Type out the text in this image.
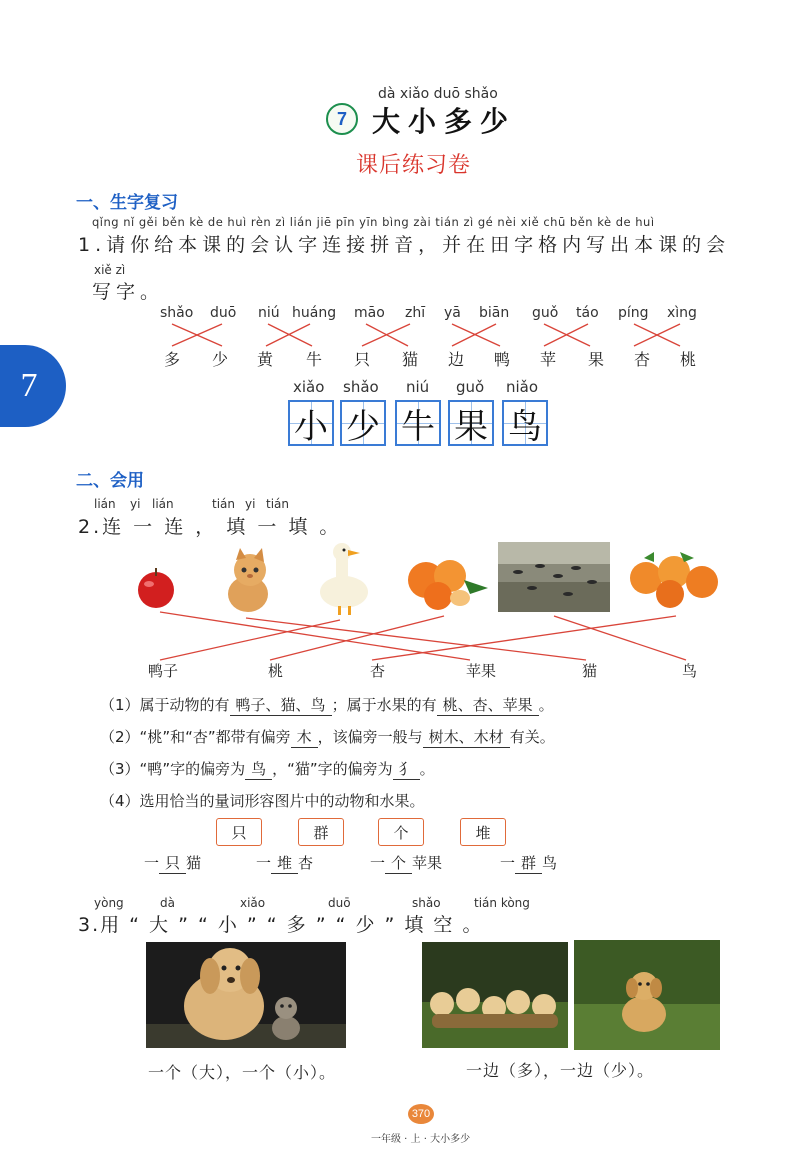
7
dà xiǎo duō shǎo
7 大小多少
课后练习卷
一、生字复习
qǐng nǐ gěi běn kè de huì rèn zì lián jiē pīn yīn bìng zài tián zì gé nèi xiě chū běn kè de huì
1.请你给本课的会认字连接拼音，并在田字格内写出本课的会
xiě zì
写字。
shǎo duō niú huáng māo zhī yā biān guǒ táo píng xìng
多 少 黄 牛 只 猫 边 鸭 苹 果 杏 桃
xiǎo shǎo niú guǒ niǎo
小 少 牛 果 鸟
二、会用
lián yi lián	tián yi tián
2.连 一 连 ， 填 一 填 。
鸭子	桃	杏	苹果	猫	鸟
（1）属于动物的有 鸭子、猫、鸟 ；属于水果的有 桃、杏、苹果 。
（2）“桃”和“杏”都带有偏旁 木 ，该偏旁一般与 树木、木材 有关。
（3）“鸭”字的偏旁为 鸟 ，“猫”字的偏旁为 犭 。
（4）选用恰当的量词形容图片中的动物和水果。
只	群	个	堆
一 只 猫	一 堆 杏	一 个 苹果	一 群 鸟
yòng	dà	xiǎo	duō	shǎo	tián kòng
3.用 “ 大 ” “ 小 ” “ 多 ” “ 少 ” 填 空 。
一个（大），一个（小）。	一边（多），一边（少）。
370
一年级 · 上 · 大小多少
